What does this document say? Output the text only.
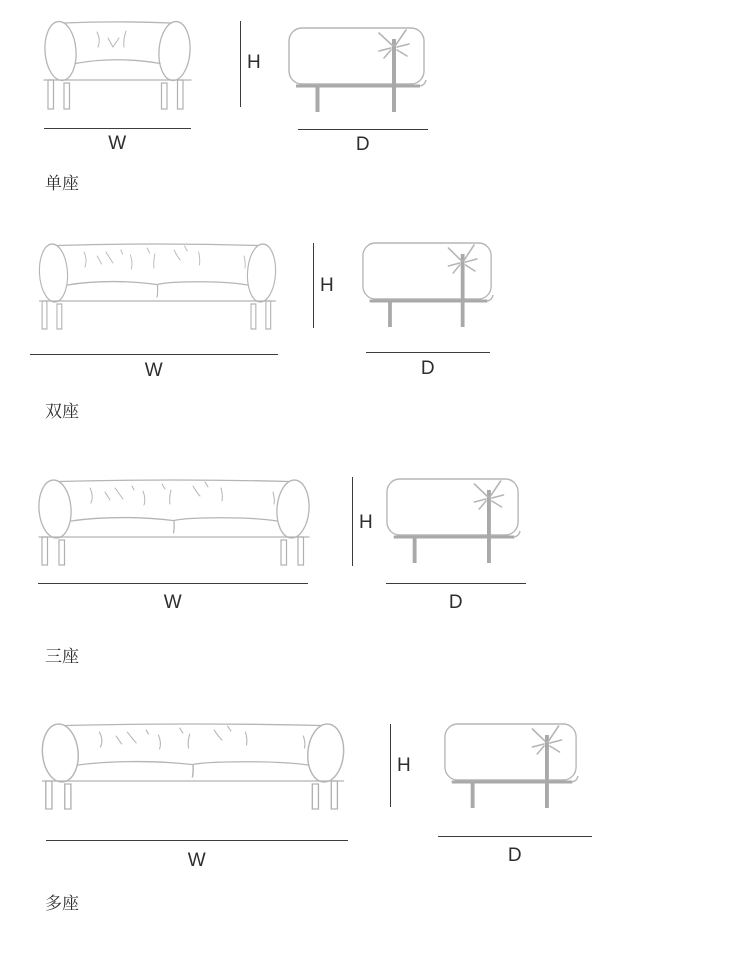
W
H
D
单座
W
H
D
双座
W
H
D
三座
W
H
D
多座
